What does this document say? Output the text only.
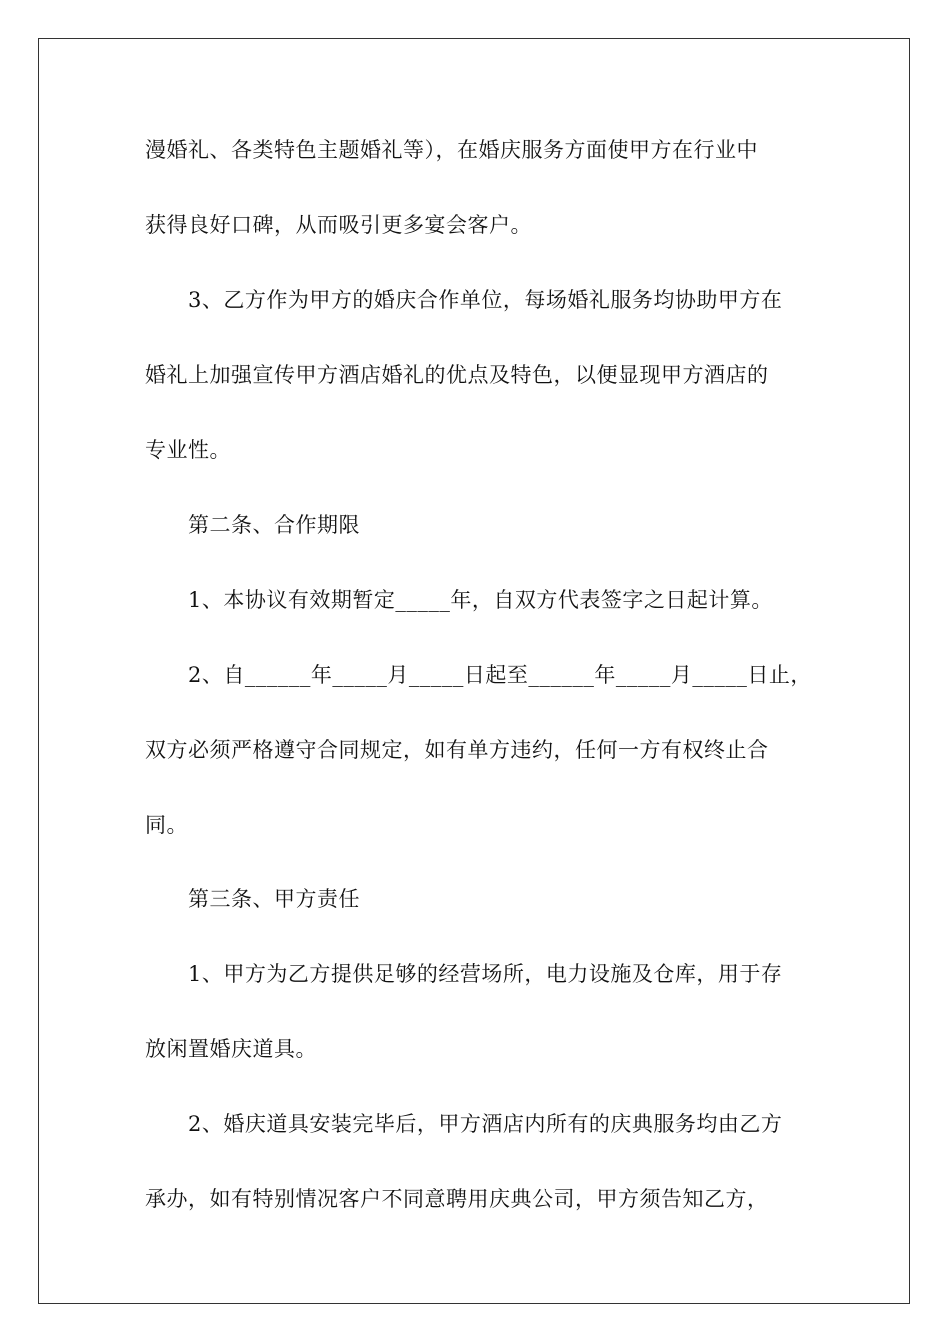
漫婚礼、各类特色主题婚礼等），在婚庆服务方面使甲方在行业中
获得良好口碑，从而吸引更多宴会客户。
3、乙方作为甲方的婚庆合作单位，每场婚礼服务均协助甲方在
婚礼上加强宣传甲方酒店婚礼的优点及特色，以便显现甲方酒店的
专业性。
第二条、合作期限
1、本协议有效期暂定_____年，自双方代表签字之日起计算。
2、自______年_____月_____日起至______年_____月_____日止，
双方必须严格遵守合同规定，如有单方违约，任何一方有权终止合
同。
第三条、甲方责任
1、甲方为乙方提供足够的经营场所，电力设施及仓库，用于存
放闲置婚庆道具。
2、婚庆道具安装完毕后，甲方酒店内所有的庆典服务均由乙方
承办，如有特别情况客户不同意聘用庆典公司，甲方须告知乙方，
